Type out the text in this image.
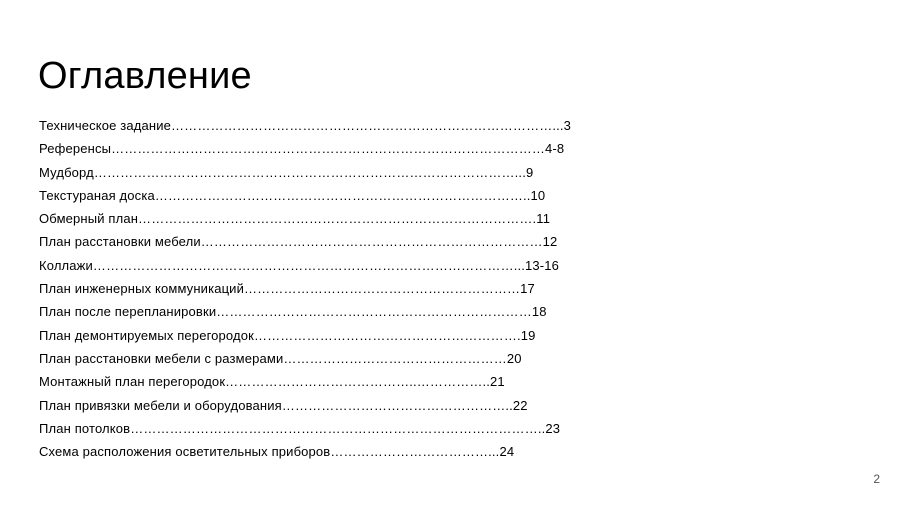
Оглавление
Техническое задание……………………………………………………………………………...3
Референсы………………………………………………………………………………………4-8
Мудборд……………………………………………………………………………………...9
Текстураная доска…………………………………………………………………………..10
Обмерный план……………………………………………………………………………….11
План расстановки мебели……………………………………………………………………12
Коллажи……………………………………………………………………………………...13-16
План инженерных коммуникаций………………………………………………………17
План после перепланировки………………………………………………………………18
План демонтируемых перегородок…………………………………………………….19
План расстановки мебели с размерами……………………………………………20
Монтажный план перегородок……………………………………..……………..21
План привязки мебели и оборудования……………………………………………..22
План потолков…………………………………………………………………………………..23
Схема расположения осветительных приборов………………………………...24
2
